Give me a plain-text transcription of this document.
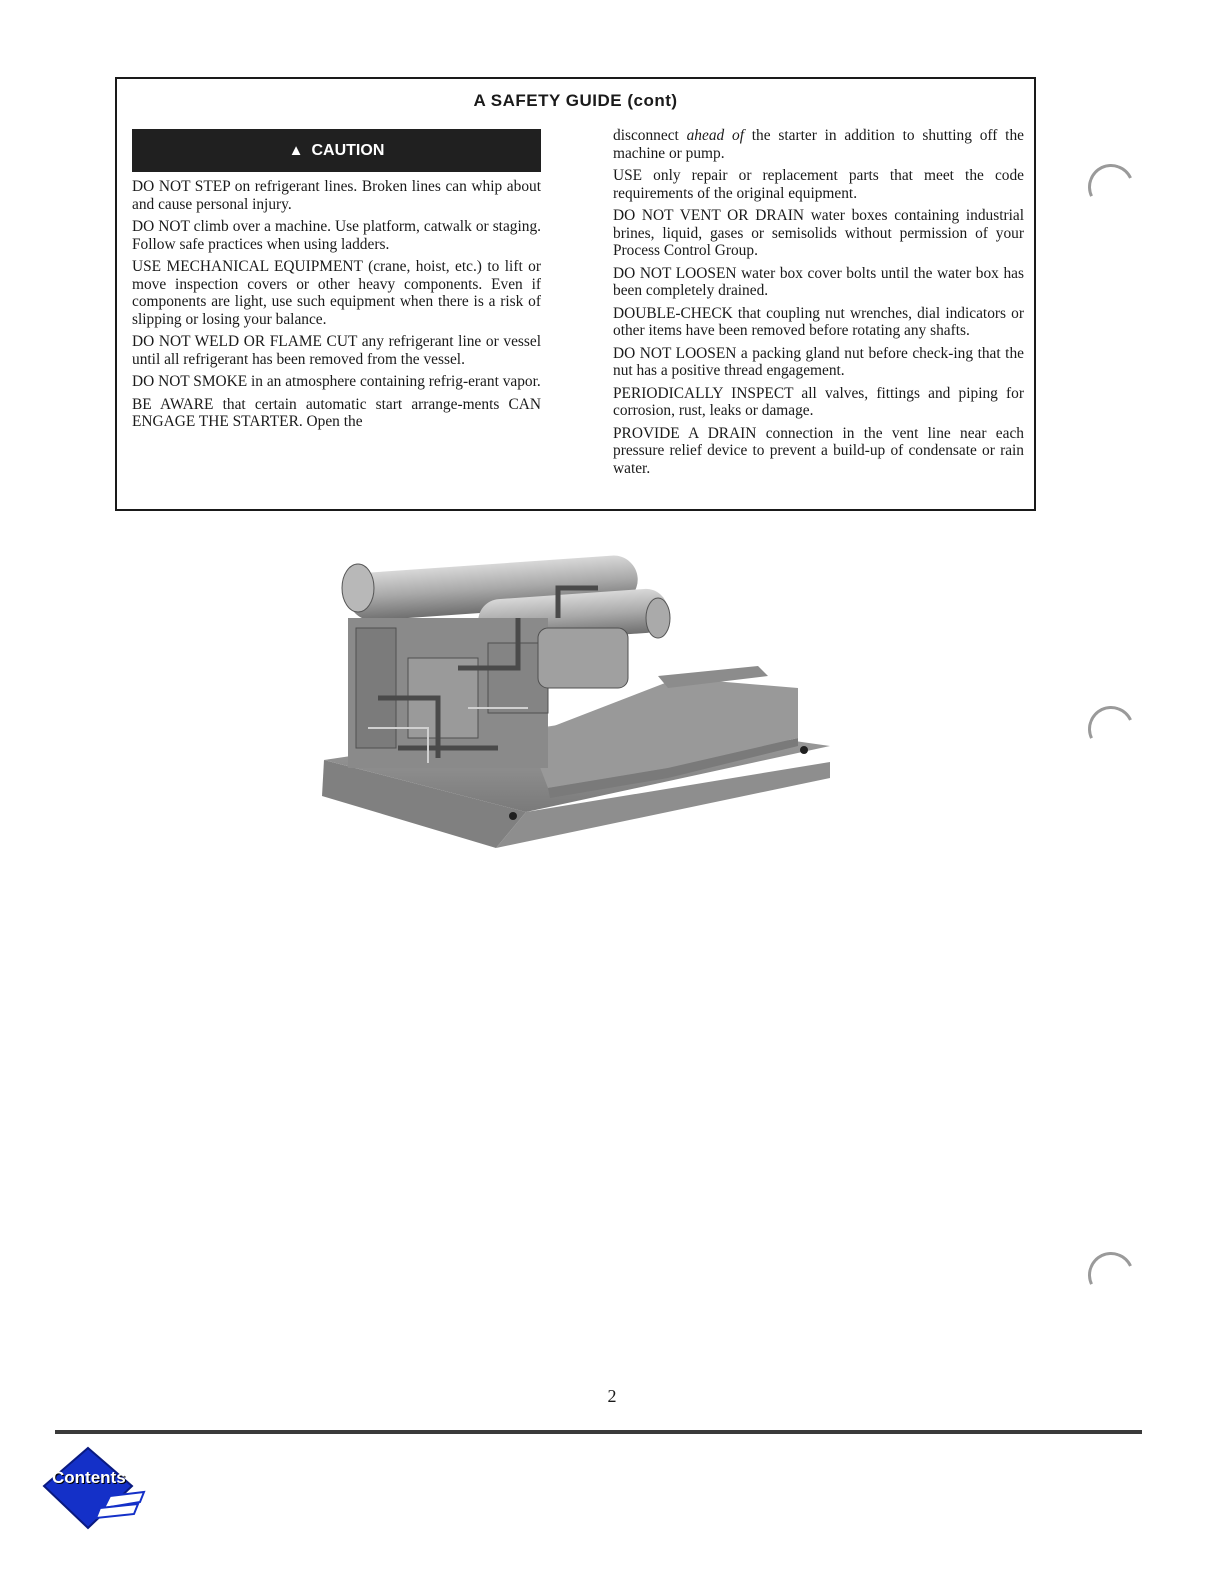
A SAFETY GUIDE (cont)
▲ CAUTION

DO NOT STEP on refrigerant lines. Broken lines can whip about and cause personal injury.

DO NOT climb over a machine. Use platform, catwalk or staging. Follow safe practices when using ladders.

USE MECHANICAL EQUIPMENT (crane, hoist, etc.) to lift or move inspection covers or other heavy components. Even if components are light, use such equipment when there is a risk of slipping or losing your balance.

DO NOT WELD OR FLAME CUT any refrigerant line or vessel until all refrigerant has been removed from the vessel.

DO NOT SMOKE in an atmosphere containing refrig-erant vapor.

BE AWARE that certain automatic start arrange-ments CAN ENGAGE THE STARTER. Open the

disconnect ahead of the starter in addition to shutting off the machine or pump.

USE only repair or replacement parts that meet the code requirements of the original equipment.

DO NOT VENT OR DRAIN water boxes containing industrial brines, liquid, gases or semisolids without permission of your Process Control Group.

DO NOT LOOSEN water box cover bolts until the water box has been completely drained.

DOUBLE-CHECK that coupling nut wrenches, dial indicators or other items have been removed before rotating any shafts.

DO NOT LOOSEN a packing gland nut before check-ing that the nut has a positive thread engagement.

PERIODICALLY INSPECT all valves, fittings and piping for corrosion, rust, leaks or damage.

PROVIDE A DRAIN connection in the vent line near each pressure relief device to prevent a build-up of condensate or rain water.

2
Contents
